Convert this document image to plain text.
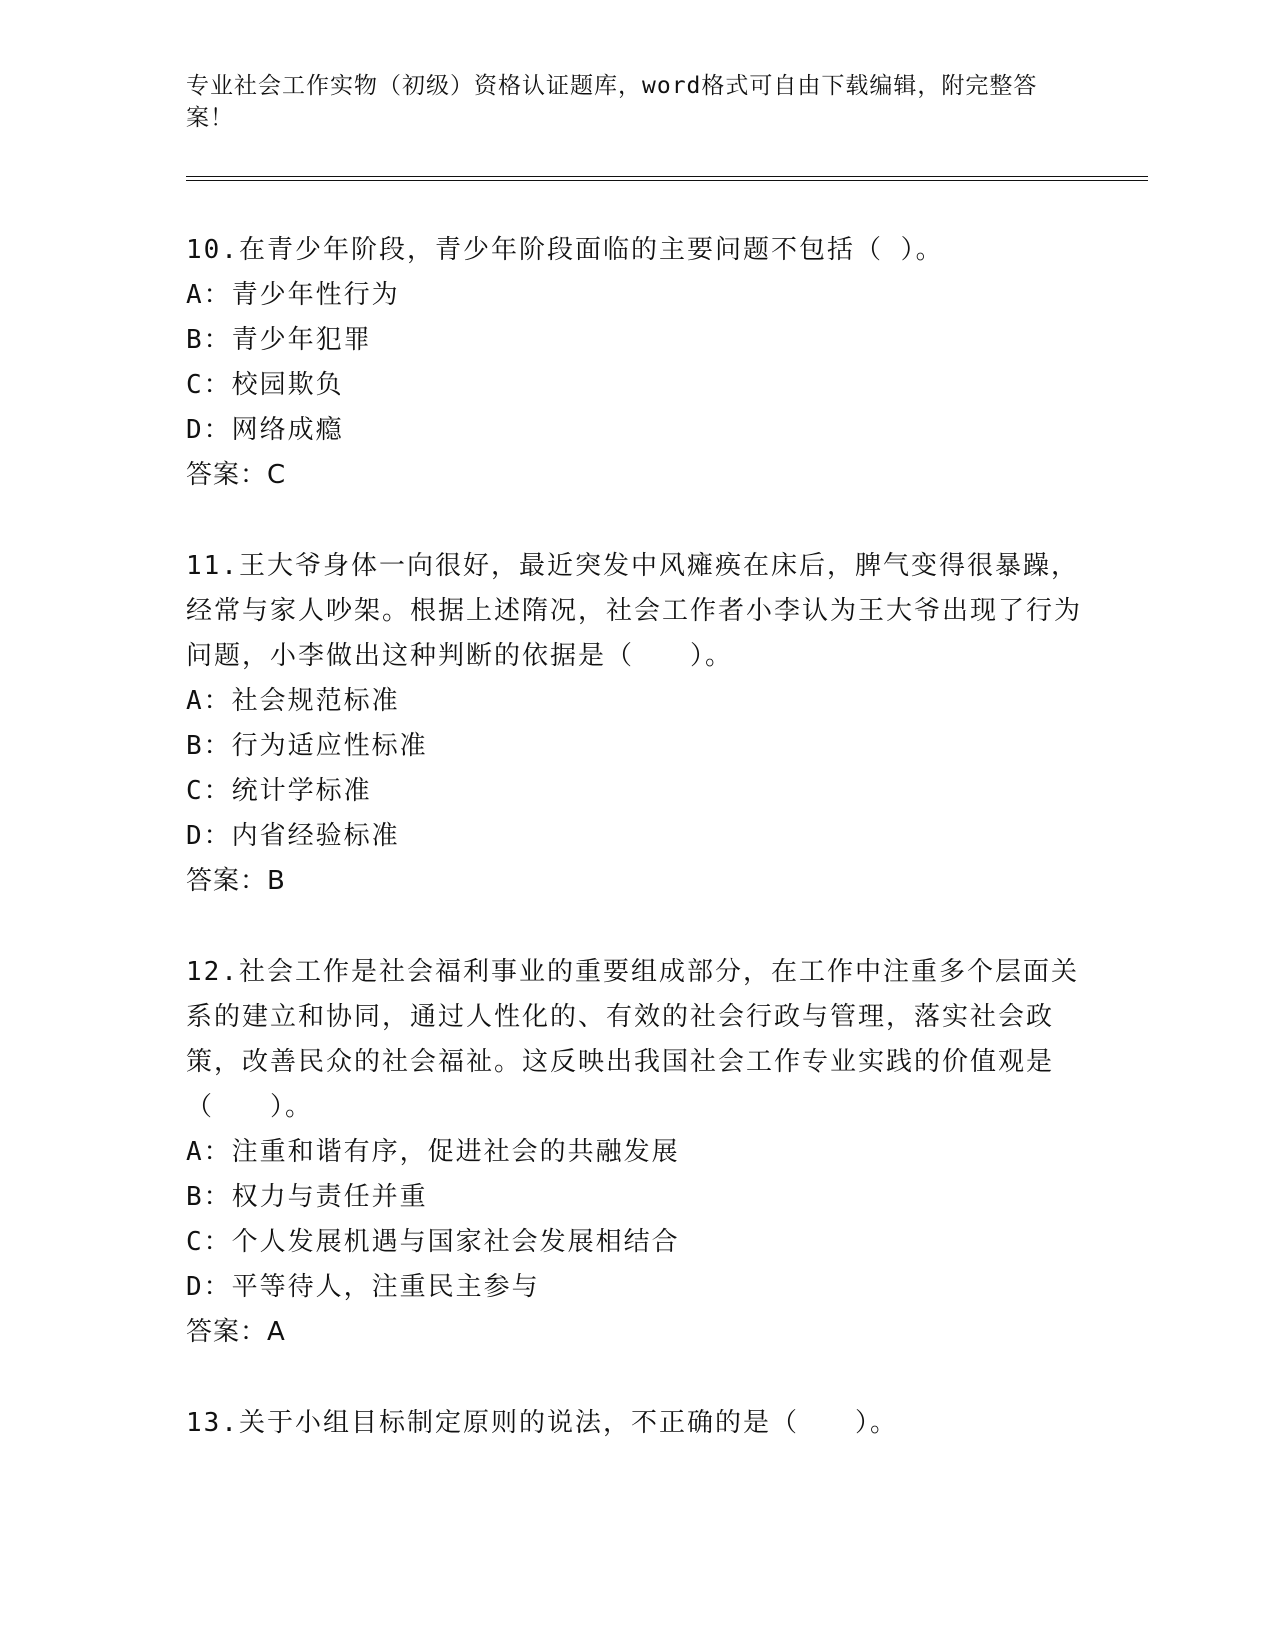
专业社会工作实物（初级）资格认证题库，word格式可自由下载编辑，附完整答案！

10.在青少年阶段，青少年阶段面临的主要问题不包括（ ）。

A： 青少年性行为
B： 青少年犯罪
C： 校园欺负
D： 网络成瘾

答案：C

11.王大爷身体一向很好，最近突发中风瘫痪在床后，脾气变得很暴躁，经常与家人吵架。根据上述隋况，社会工作者小李认为王大爷出现了行为问题，小李做出这种判断的依据是（　　）。

A： 社会规范标准
B： 行为适应性标准
C： 统计学标准
D： 内省经验标准

答案：B

12.社会工作是社会福利事业的重要组成部分，在工作中注重多个层面关系的建立和协同，通过人性化的、有效的社会行政与管理，落实社会政策，改善民众的社会福祉。这反映出我国社会工作专业实践的价值观是（　　）。

A： 注重和谐有序，促进社会的共融发展
B： 权力与责任并重
C： 个人发展机遇与国家社会发展相结合
D： 平等待人，注重民主参与

答案：A

13.关于小组目标制定原则的说法，不正确的是（　　）。
